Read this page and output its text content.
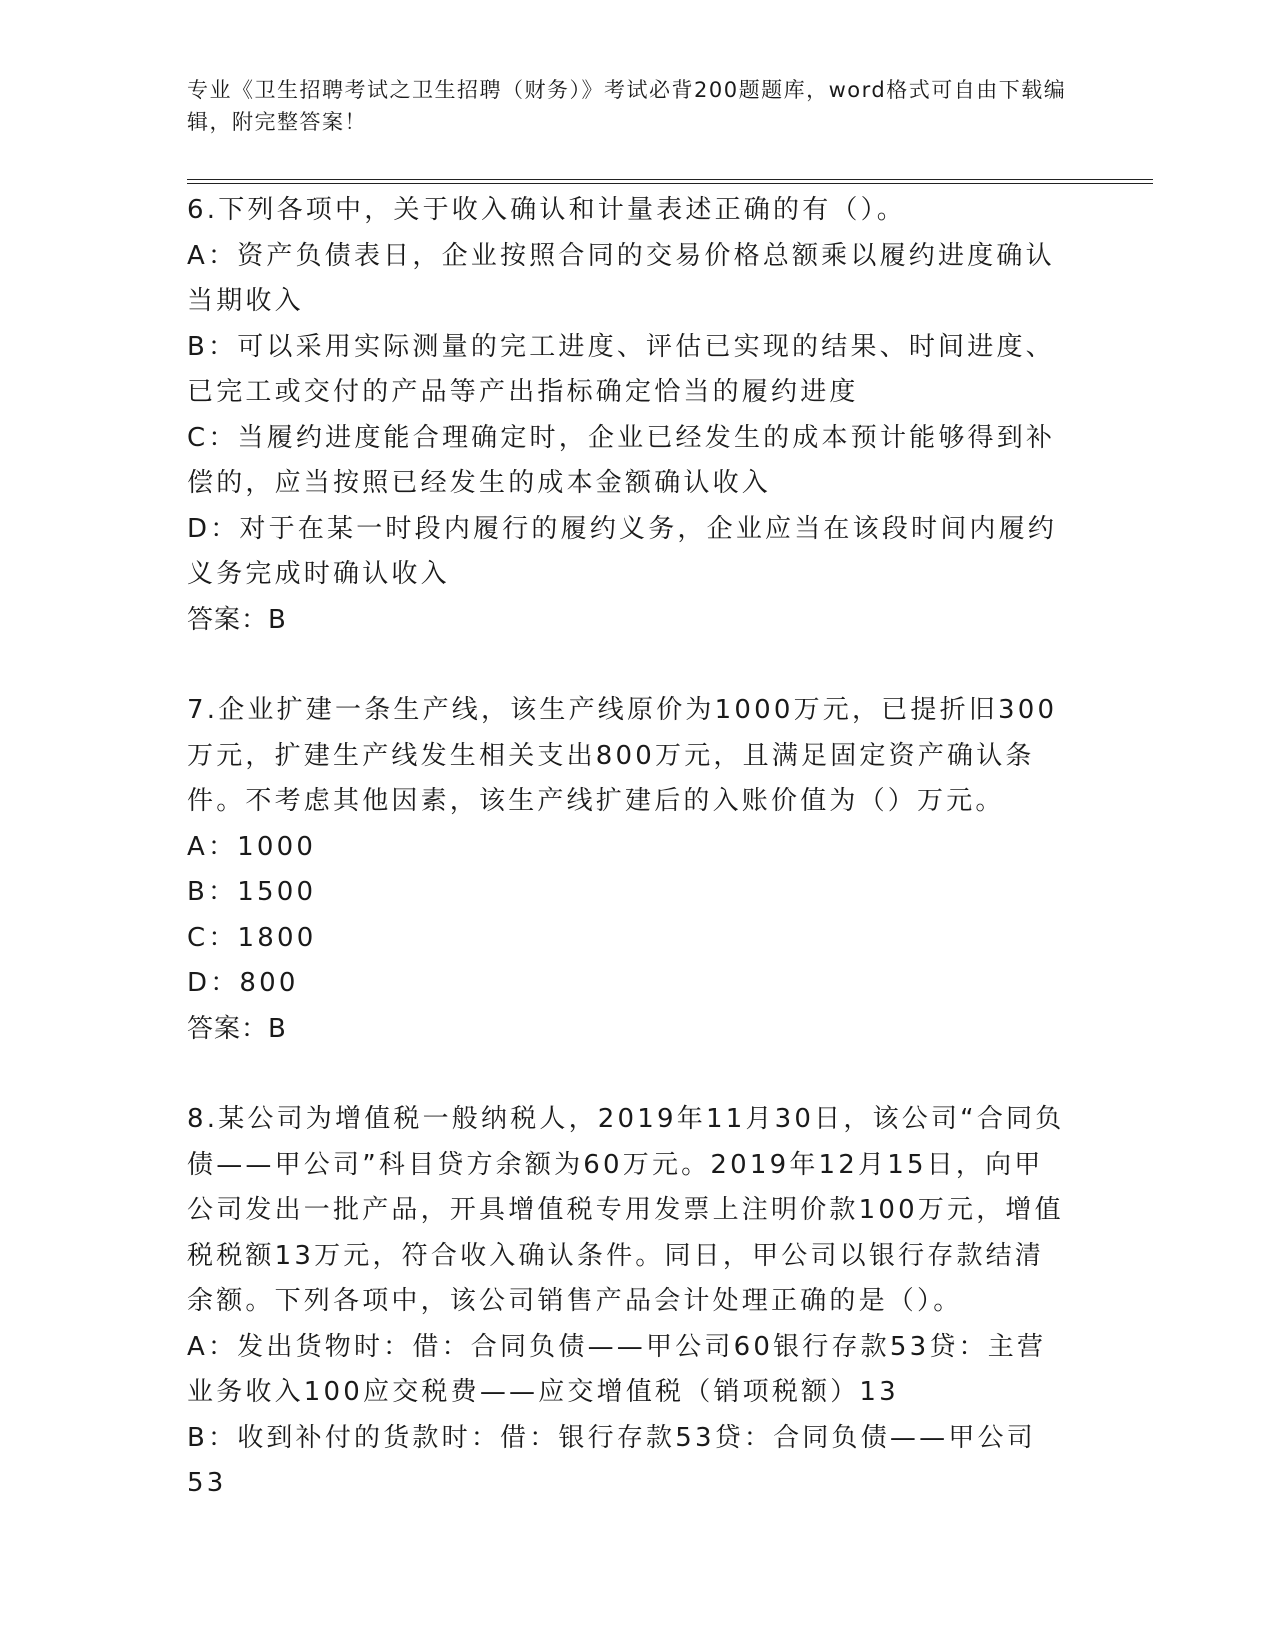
专业《卫生招聘考试之卫生招聘（财务）》考试必背200题题库，word格式可自由下载编辑，附完整答案！

6.下列各项中，关于收入确认和计量表述正确的有（）。

A：资产负债表日，企业按照合同的交易价格总额乘以履约进度确认当期收入

B：可以采用实际测量的完工进度、评估已实现的结果、时间进度、已完工或交付的产品等产出指标确定恰当的履约进度

C：当履约进度能合理确定时，企业已经发生的成本预计能够得到补偿的，应当按照已经发生的成本金额确认收入

D：对于在某一时段内履行的履约义务，企业应当在该段时间内履约义务完成时确认收入

答案：B

7.企业扩建一条生产线，该生产线原价为1000万元，已提折旧300万元，扩建生产线发生相关支出800万元，且满足固定资产确认条件。不考虑其他因素，该生产线扩建后的入账价值为（）万元。

A：1000

B：1500

C：1800

D：800

答案：B

8.某公司为增值税一般纳税人，2019年11月30日，该公司“合同负债——甲公司”科目贷方余额为60万元。2019年12月15日，向甲公司发出一批产品，开具增值税专用发票上注明价款100万元，增值税税额13万元，符合收入确认条件。同日，甲公司以银行存款结清余额。下列各项中，该公司销售产品会计处理正确的是（）。

A：发出货物时：借：合同负债——甲公司60银行存款53贷：主营业务收入100应交税费——应交增值税（销项税额）13

B：收到补付的货款时：借：银行存款53贷：合同负债——甲公司53
